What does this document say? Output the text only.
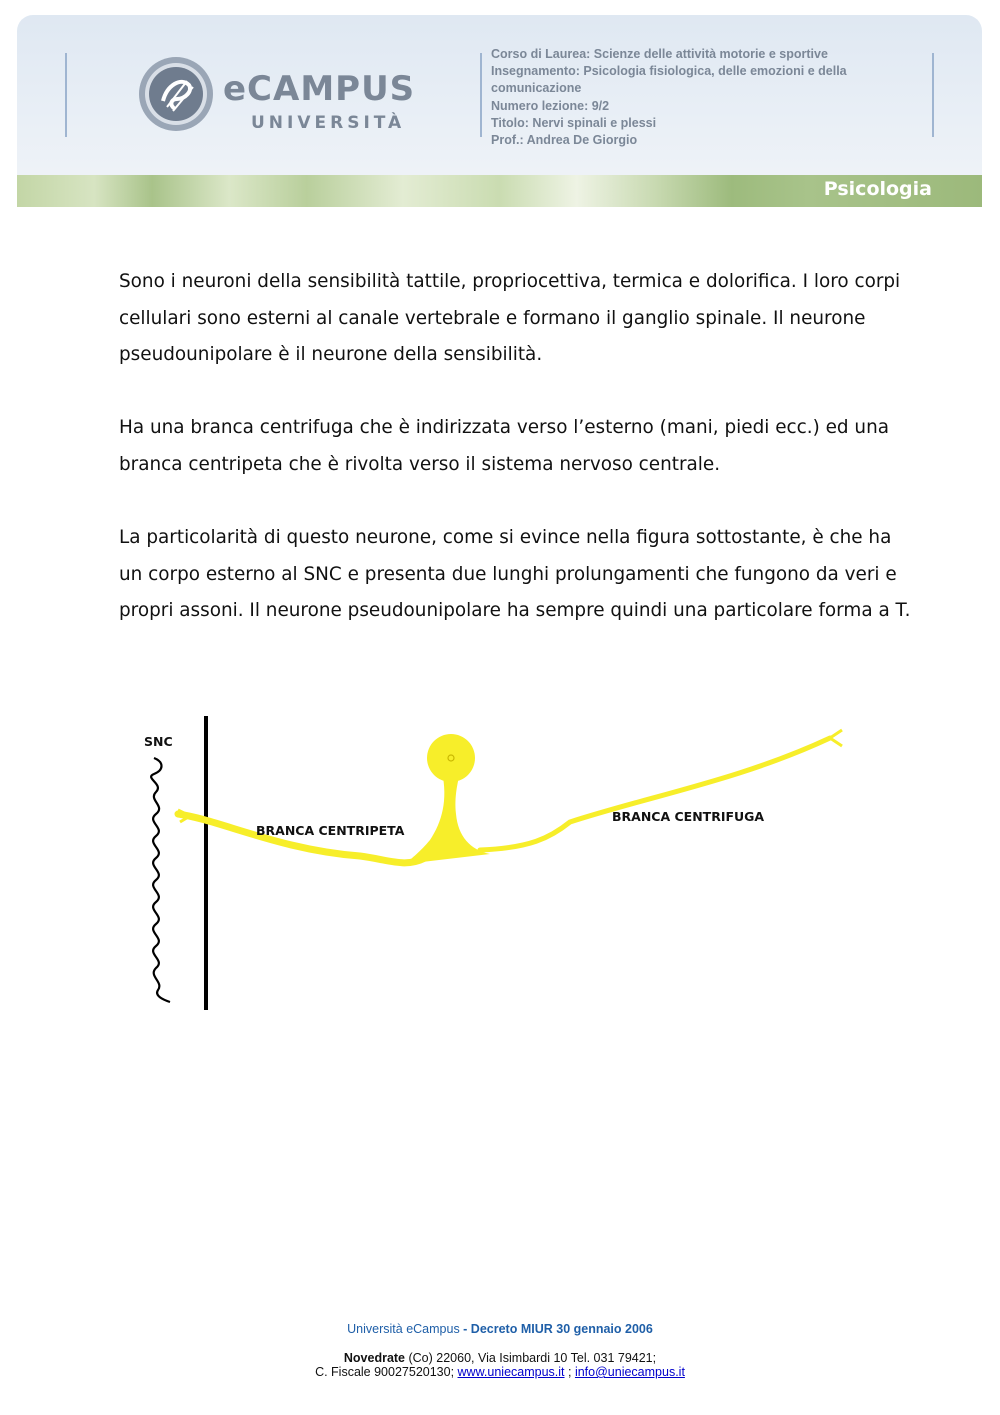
eCAMPUS
UNIVERSITÀ
Corso di Laurea: Scienze delle attività motorie e sportive
Insegnamento: Psicologia fisiologica, delle emozioni e della
comunicazione
Numero lezione: 9/2
Titolo: Nervi spinali e plessi
Prof.: Andrea De Giorgio
Psicologia

Sono i neuroni della sensibilità tattile, propriocettiva, termica e dolorifica. I loro corpi cellulari sono esterni al canale vertebrale e formano il ganglio spinale. Il neurone pseudounipolare è il neurone della sensibilità.

Ha una branca centrifuga che è indirizzata verso l’esterno (mani, piedi ecc.) ed una branca centripeta che è rivolta verso il sistema nervoso centrale.

La particolarità di questo neurone, come si evince nella figura sottostante, è che ha un corpo esterno al SNC e presenta due lunghi prolungamenti che fungono da veri e propri assoni. Il neurone pseudounipolare ha sempre quindi una particolare forma a T.

SNC
BRANCA CENTRIPETA
BRANCA CENTRIFUGA
Università eCampus - Decreto MIUR 30 gennaio 2006
Novedrate (Co) 22060, Via Isimbardi 10 Tel. 031 79421;
C. Fiscale 90027520130; www.uniecampus.it ; info@uniecampus.it
